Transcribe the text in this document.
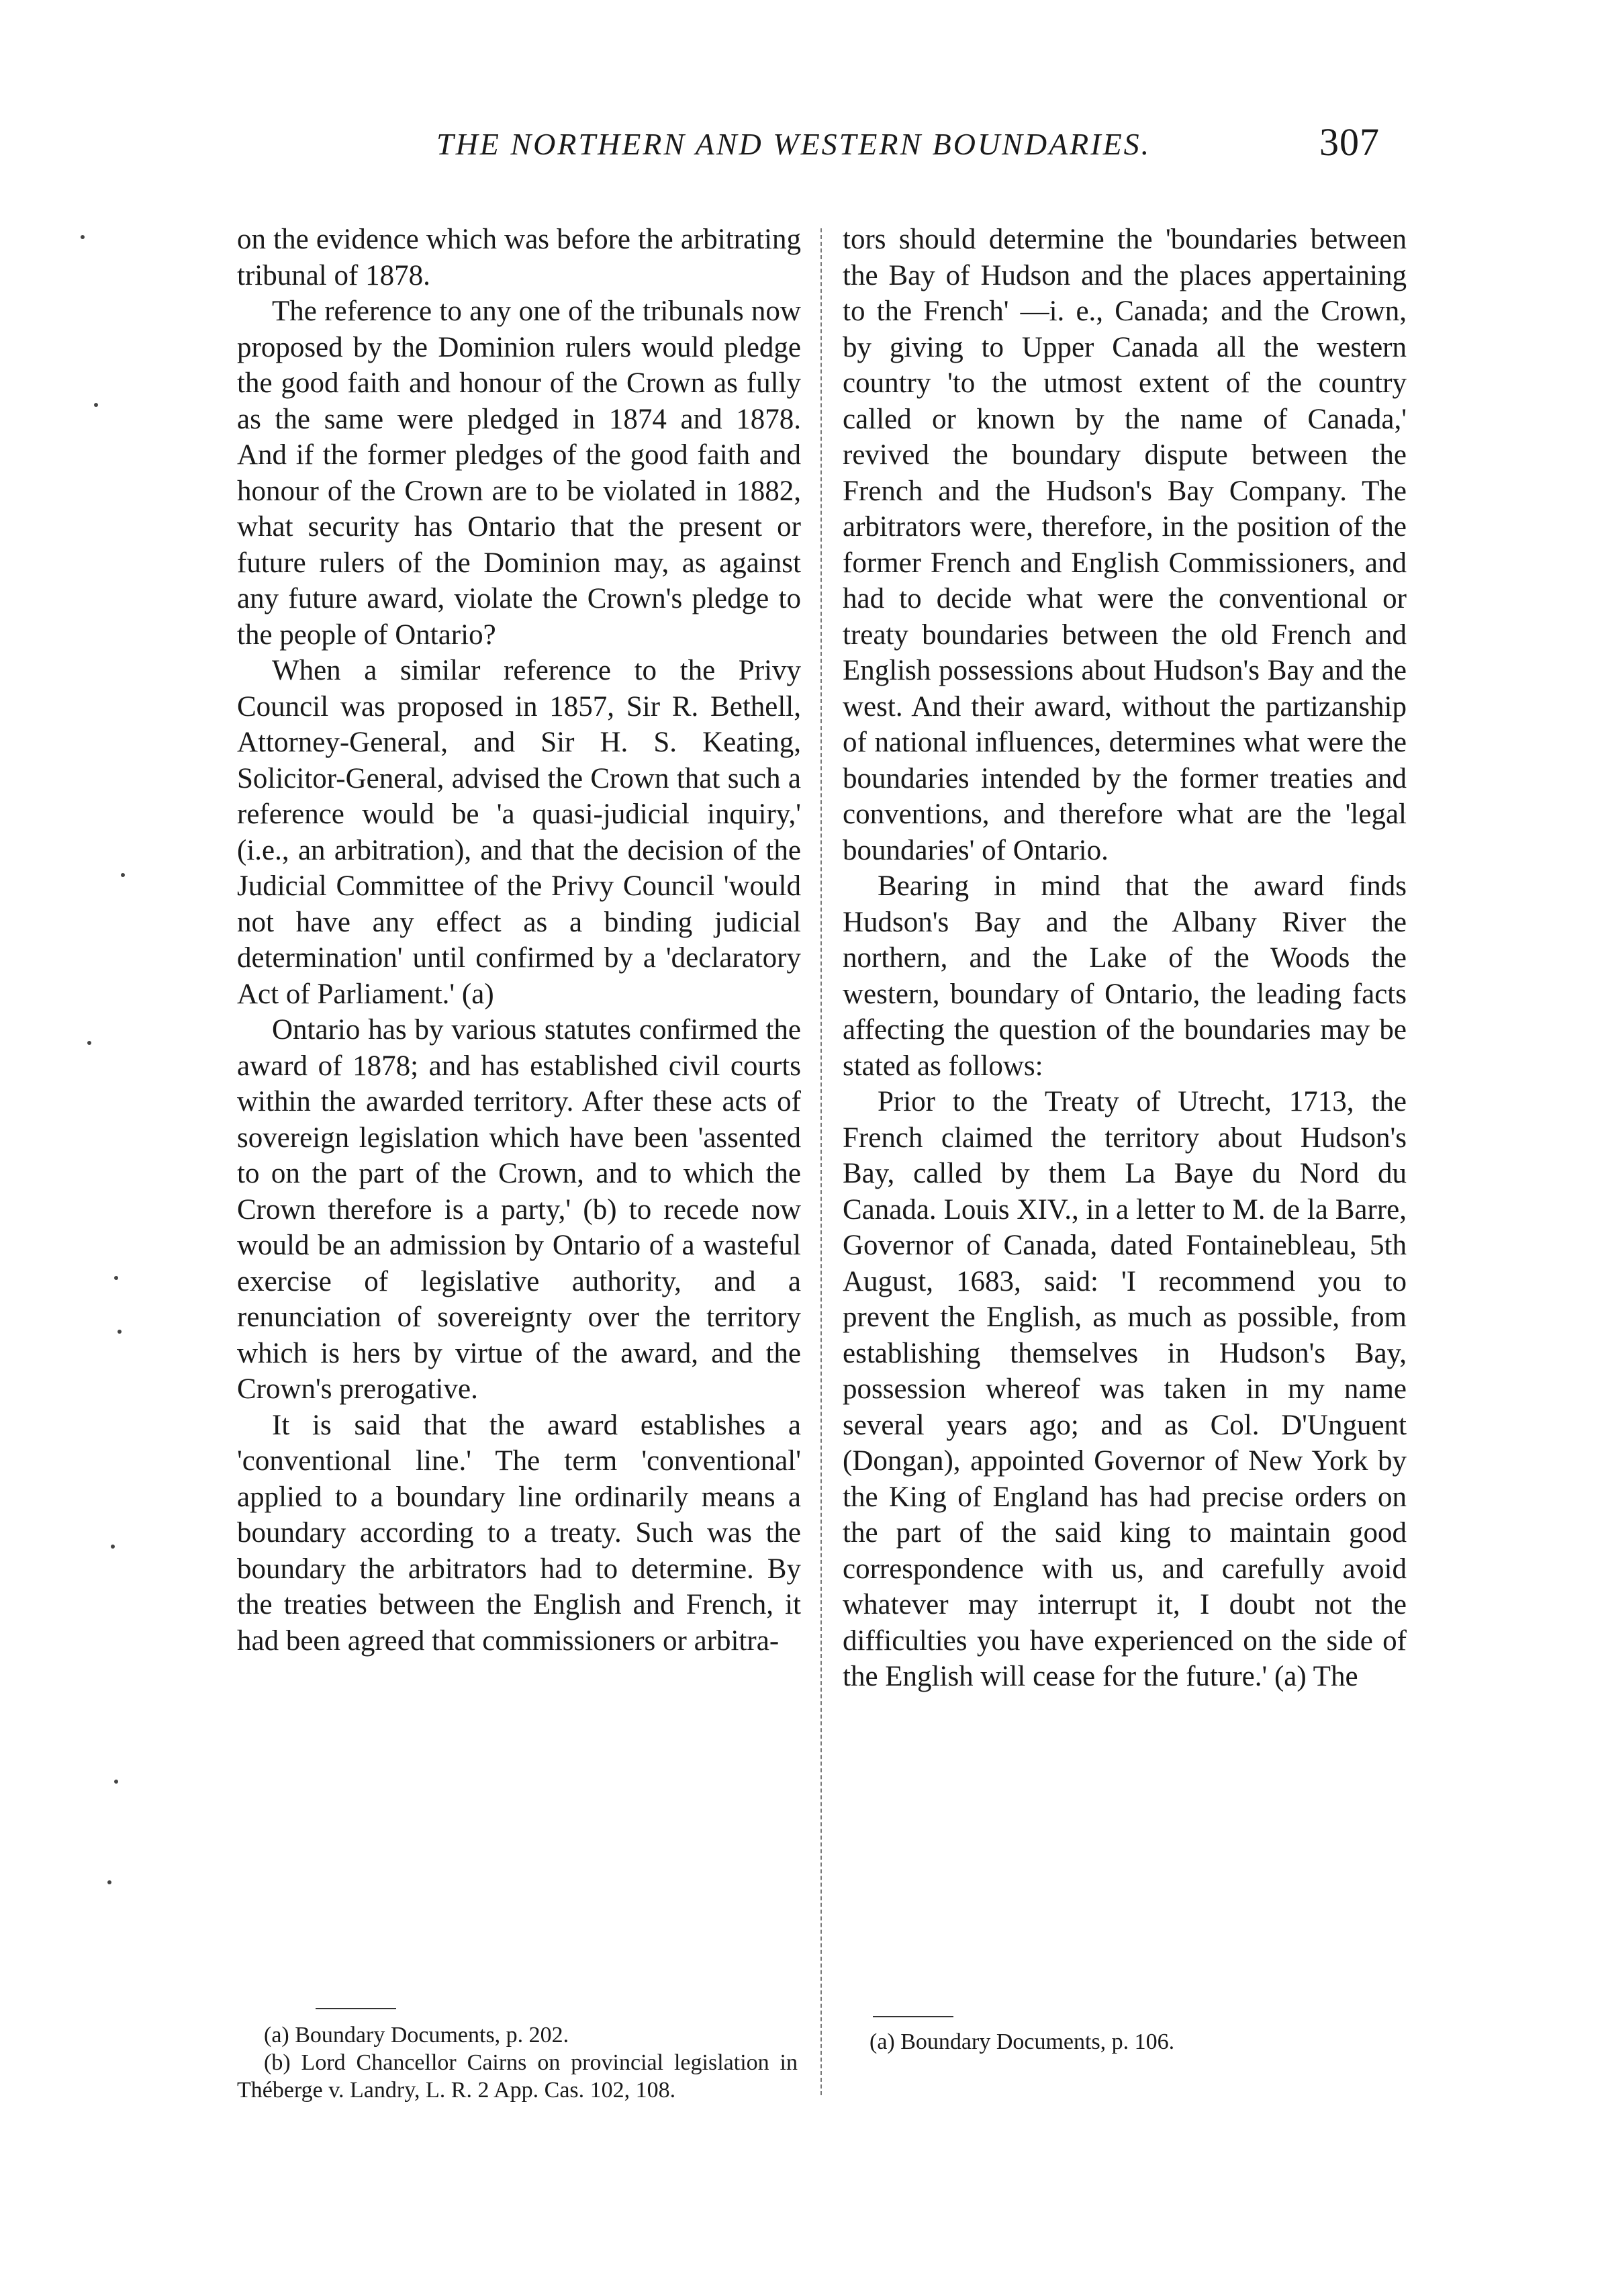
THE NORTHERN AND WESTERN BOUNDARIES.	307

on the evidence which was before the arbitrating tribunal of 1878.

The reference to any one of the tribunals now proposed by the Dominion rulers would pledge the good faith and honour of the Crown as fully as the same were pledged in 1874 and 1878. And if the former pledges of the good faith and honour of the Crown are to be violated in 1882, what security has Ontario that the present or future rulers of the Dominion may, as against any future award, violate the Crown's pledge to the people of Ontario?

When a similar reference to the Privy Council was proposed in 1857, Sir R. Bethell, Attorney-General, and Sir H. S. Keating, Solicitor-General, advised the Crown that such a reference would be 'a quasi-judicial inquiry,' (i.e., an arbitration), and that the decision of the Judicial Committee of the Privy Council 'would not have any effect as a binding judicial determination' until confirmed by a 'declaratory Act of Parliament.' (a)

Ontario has by various statutes confirmed the award of 1878; and has established civil courts within the awarded territory. After these acts of sovereign legislation which have been 'assented to on the part of the Crown, and to which the Crown therefore is a party,' (b) to recede now would be an admission by Ontario of a wasteful exercise of legislative authority, and a renunciation of sovereignty over the territory which is hers by virtue of the award, and the Crown's prerogative.

It is said that the award establishes a 'conventional line.' The term 'conventional' applied to a boundary line ordinarily means a boundary according to a treaty. Such was the boundary the arbitrators had to determine. By the treaties between the English and French, it had been agreed that commissioners or arbitra-

tors should determine the 'boundaries between the Bay of Hudson and the places appertaining to the French' —i. e., Canada; and the Crown, by giving to Upper Canada all the western country 'to the utmost extent of the country called or known by the name of Canada,' revived the boundary dispute between the French and the Hudson's Bay Company. The arbitrators were, therefore, in the position of the former French and English Commissioners, and had to decide what were the conventional or treaty boundaries between the old French and English possessions about Hudson's Bay and the west. And their award, without the partizanship of national influences, determines what were the boundaries intended by the former treaties and conventions, and therefore what are the 'legal boundaries' of Ontario.

Bearing in mind that the award finds Hudson's Bay and the Albany River the northern, and the Lake of the Woods the western, boundary of Ontario, the leading facts affecting the question of the boundaries may be stated as follows:

Prior to the Treaty of Utrecht, 1713, the French claimed the territory about Hudson's Bay, called by them La Baye du Nord du Canada. Louis XIV., in a letter to M. de la Barre, Governor of Canada, dated Fontainebleau, 5th August, 1683, said: 'I recommend you to prevent the English, as much as possible, from establishing themselves in Hudson's Bay, possession whereof was taken in my name several years ago; and as Col. D'Unguent (Dongan), appointed Governor of New York by the King of England has had precise orders on the part of the said king to maintain good correspondence with us, and carefully avoid whatever may interrupt it, I doubt not the difficulties you have experienced on the side of the English will cease for the future.' (a) The

(a) Boundary Documents, p. 202.

(b) Lord Chancellor Cairns on provincial legislation in Théberge v. Landry, L. R. 2 App. Cas. 102, 108.

(a) Boundary Documents, p. 106.
